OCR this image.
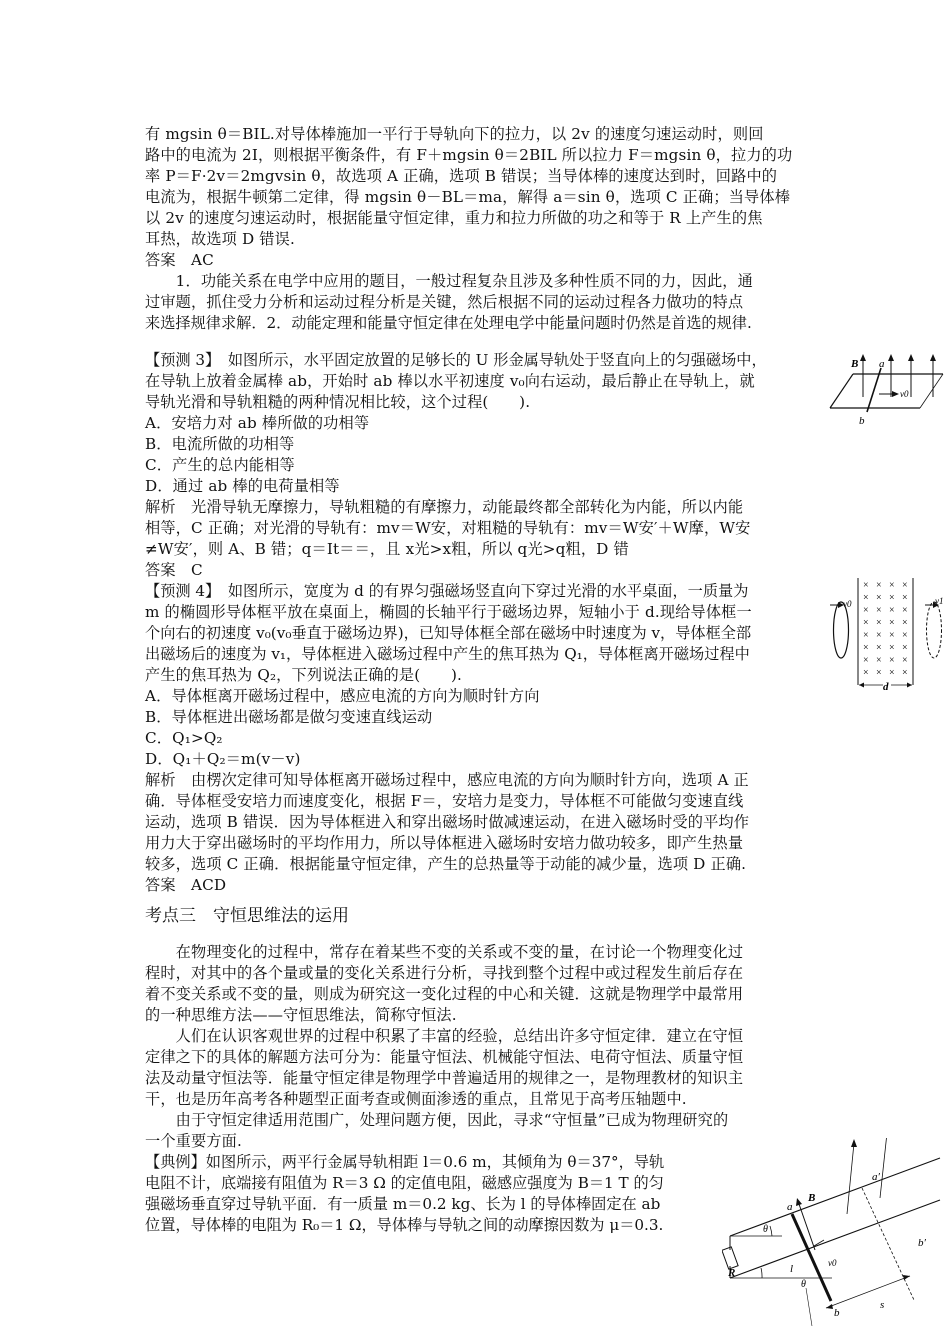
有 mgsin θ＝BIL.对导体棒施加一平行于导轨向下的拉力，以 2v 的速度匀速运动时，则回
路中的电流为 2I，则根据平衡条件，有 F＋mgsin θ＝2BIL 所以拉力 F＝mgsin θ，拉力的功
率 P＝F·2v＝2mgvsin θ，故选项 A 正确，选项 B 错误；当导体棒的速度达到时，回路中的
电流为，根据牛顿第二定律，得 mgsin θ－BL＝ma，解得 a＝sin θ，选项 C 正确；当导体棒
以 2v 的速度匀速运动时，根据能量守恒定律，重力和拉力所做的功之和等于 R 上产生的焦
耳热，故选项 D 错误.
答案　AC
　　1．功能关系在电学中应用的题目，一般过程复杂且涉及多种性质不同的力，因此，通
过审题，抓住受力分析和运动过程分析是关键，然后根据不同的运动过程各力做功的特点
来选择规律求解．2．动能定理和能量守恒定律在处理电学中能量问题时仍然是首选的规律.
【预测 3】　如图所示，水平固定放置的足够长的 U 形金属导轨处于竖直向上的匀强磁场中，
在导轨上放着金属棒 ab，开始时 ab 棒以水平初速度 v₀向右运动，最后静止在导轨上，就
导轨光滑和导轨粗糙的两种情况相比较，这个过程(　　).
A．安培力对 ab 棒所做的功相等
B．电流所做的功相等
C．产生的总内能相等
D．通过 ab 棒的电荷量相等
解析　光滑导轨无摩擦力，导轨粗糙的有摩擦力，动能最终都全部转化为内能，所以内能
相等，C 正确；对光滑的导轨有：mv＝W安，对粗糙的导轨有：mv＝W安′＋W摩，W安
≠W安′，则 A、B 错；q＝It＝＝，且 x光>x粗，所以 q光>q粗，D 错
答案　C
【预测 4】　如图所示，宽度为 d 的有界匀强磁场竖直向下穿过光滑的水平桌面，一质量为
m 的椭圆形导体框平放在桌面上，椭圆的长轴平行于磁场边界，短轴小于 d.现给导体框一
个向右的初速度 v₀(v₀垂直于磁场边界)，已知导体框全部在磁场中时速度为 v，导体框全部
出磁场后的速度为 v₁，导体框进入磁场过程中产生的焦耳热为 Q₁，导体框离开磁场过程中
产生的焦耳热为 Q₂，下列说法正确的是(　　).
A．导体框离开磁场过程中，感应电流的方向为顺时针方向
B．导体框进出磁场都是做匀变速直线运动
C．Q₁>Q₂
D．Q₁＋Q₂＝m(v－v)
解析　由楞次定律可知导体框离开磁场过程中，感应电流的方向为顺时针方向，选项 A 正
确．导体框受安培力而速度变化，根据 F＝，安培力是变力，导体框不可能做匀变速直线
运动，选项 B 错误．因为导体框进入和穿出磁场时做减速运动，在进入磁场时受的平均作
用力大于穿出磁场时的平均作用力，所以导体框进入磁场时安培力做功较多，即产生热量
较多，选项 C 正确．根据能量守恒定律，产生的总热量等于动能的减少量，选项 D 正确.
答案　ACD
考点三　守恒思维法的运用
　　在物理变化的过程中，常存在着某些不变的关系或不变的量，在讨论一个物理变化过
程时，对其中的各个量或量的变化关系进行分析，寻找到整个过程中或过程发生前后存在
着不变关系或不变的量，则成为研究这一变化过程的中心和关键．这就是物理学中最常用
的一种思维方法——守恒思维法，简称守恒法.
　　人们在认识客观世界的过程中积累了丰富的经验，总结出许多守恒定律．建立在守恒
定律之下的具体的解题方法可分为：能量守恒法、机械能守恒法、电荷守恒法、质量守恒
法及动量守恒法等．能量守恒定律是物理学中普遍适用的规律之一，是物理教材的知识主
干，也是历年高考各种题型正面考查或侧面渗透的重点，且常见于高考压轴题中.
　　由于守恒定律适用范围广，处理问题方便，因此，寻求“守恒量”已成为物理研究的
一个重要方面.
【典例】如图所示，两平行金属导轨相距 l＝0.6 m，其倾角为 θ＝37°，导轨
电阻不计，底端接有阻值为 R＝3 Ω 的定值电阻，磁感应强度为 B＝1 T 的匀
强磁场垂直穿过导轨平面．有一质量 m＝0.2 kg、长为 l 的导体棒固定在 ab
位置，导体棒的电阻为 R₀＝1 Ω，导体棒与导轨之间的动摩擦因数为 μ＝0.3.
B a
b
v0
× × × ×
× × × ×
× × × ×
× × × ×
× × × ×
× × × ×
× × × ×
× × × ×
v0	v1
d
B
a
a′
b
b′
l
R
s
v0
θ
θ
